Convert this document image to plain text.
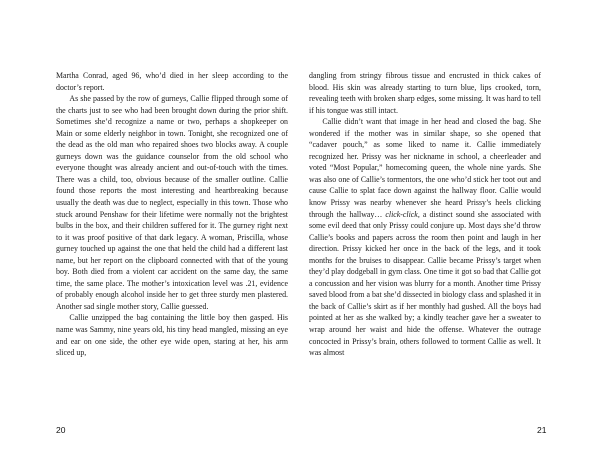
Martha Conrad, aged 96, who’d died in her sleep according to the doctor’s report.

As she passed by the row of gurneys, Callie flipped through some of the charts just to see who had been brought down during the prior shift. Sometimes she’d recognize a name or two, perhaps a shopkeeper on Main or some elderly neighbor in town. Tonight, she recognized one of the dead as the old man who repaired shoes two blocks away. A couple gurneys down was the guidance counselor from the old school who everyone thought was already ancient and out-of-touch with the times. There was a child, too, obvious because of the smaller outline. Callie found those reports the most interesting and heartbreaking because usually the death was due to neglect, especially in this town. Those who stuck around Penshaw for their lifetime were normally not the brightest bulbs in the box, and their children suffered for it. The gurney right next to it was proof positive of that dark legacy. A woman, Priscilla, whose gurney touched up against the one that held the child had a different last name, but her report on the clipboard connected with that of the young boy. Both died from a violent car accident on the same day, the same time, the same place. The mother’s intoxication level was .21, evidence of probably enough alcohol inside her to get three sturdy men plastered. Another sad single mother story, Callie guessed.

Callie unzipped the bag containing the little boy then gasped. His name was Sammy, nine years old, his tiny head mangled, missing an eye and ear on one side, the other eye wide open, staring at her, his arm sliced up,

dangling from stringy fibrous tissue and encrusted in thick cakes of blood. His skin was already starting to turn blue, lips crooked, torn, revealing teeth with broken sharp edges, some missing. It was hard to tell if his tongue was still intact.

Callie didn’t want that image in her head and closed the bag. She wondered if the mother was in similar shape, so she opened that “cadaver pouch,” as some liked to name it. Callie immediately recognized her. Prissy was her nickname in school, a cheerleader and voted “Most Popular,” homecoming queen, the whole nine yards. She was also one of Callie’s tormentors, the one who’d stick her toot out and cause Callie to splat face down against the hallway floor. Callie would know Prissy was nearby whenever she heard Prissy’s heels clicking through the hallway… click-click, a distinct sound she associated with some evil deed that only Prissy could conjure up. Most days she’d throw Callie’s books and papers across the room then point and laugh in her direction. Prissy kicked her once in the back of the legs, and it took months for the bruises to disappear. Callie became Prissy’s target when they’d play dodgeball in gym class. One time it got so bad that Callie got a concussion and her vision was blurry for a month. Another time Prissy saved blood from a bat she’d dissected in biology class and splashed it in the back of Callie’s skirt as if her monthly had gushed. All the boys had pointed at her as she walked by; a kindly teacher gave her a sweater to wrap around her waist and hide the offense. Whatever the outrage concocted in Prissy’s brain, others followed to torment Callie as well. It was almost

20	21
